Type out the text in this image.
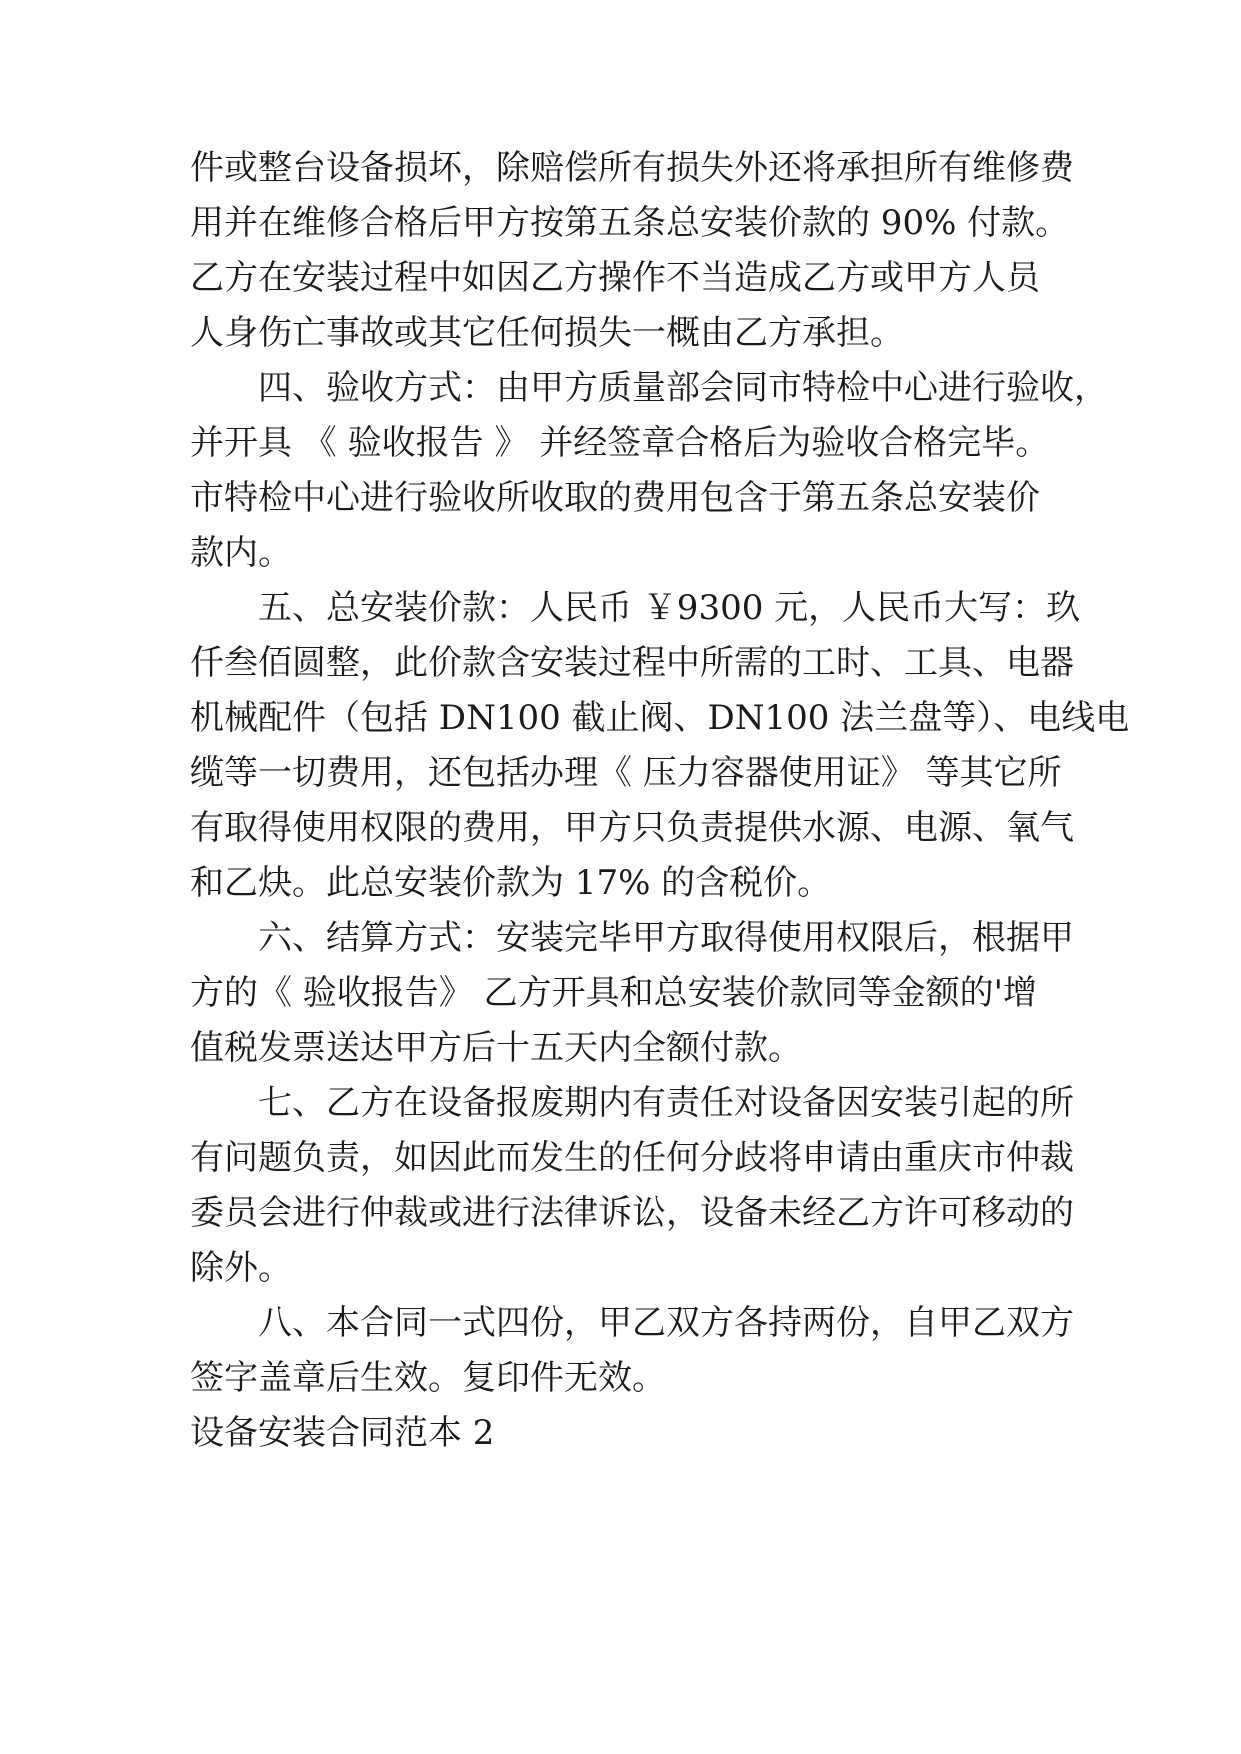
件或整台设备损坏，除赔偿所有损失外还将承担所有维修费
用并在维修合格后甲方按第五条总安装价款的 90% 付款。
乙方在安装过程中如因乙方操作不当造成乙方或甲方人员
人身伤亡事故或其它任何损失一概由乙方承担。
四、验收方式：由甲方质量部会同市特检中心进行验收，
并开具 《 验收报告 》 并经签章合格后为验收合格完毕。
市特检中心进行验收所收取的费用包含于第五条总安装价
款内。
五、总安装价款：人民币 ￥9300 元，人民币大写：玖
仟叁佰圆整，此价款含安装过程中所需的工时、工具、电器
机械配件（包括 DN100 截止阀、DN100 法兰盘等）、电线电
缆等一切费用，还包括办理《 压力容器使用证》 等其它所
有取得使用权限的费用，甲方只负责提供水源、电源、氧气
和乙炔。此总安装价款为 17% 的含税价。
六、结算方式：安装完毕甲方取得使用权限后，根据甲
方的《 验收报告》 乙方开具和总安装价款同等金额的'增
值税发票送达甲方后十五天内全额付款。
七、乙方在设备报废期内有责任对设备因安装引起的所
有问题负责，如因此而发生的任何分歧将申请由重庆市仲裁
委员会进行仲裁或进行法律诉讼，设备未经乙方许可移动的
除外。
八、本合同一式四份，甲乙双方各持两份，自甲乙双方
签字盖章后生效。复印件无效。
设备安装合同范本 2
